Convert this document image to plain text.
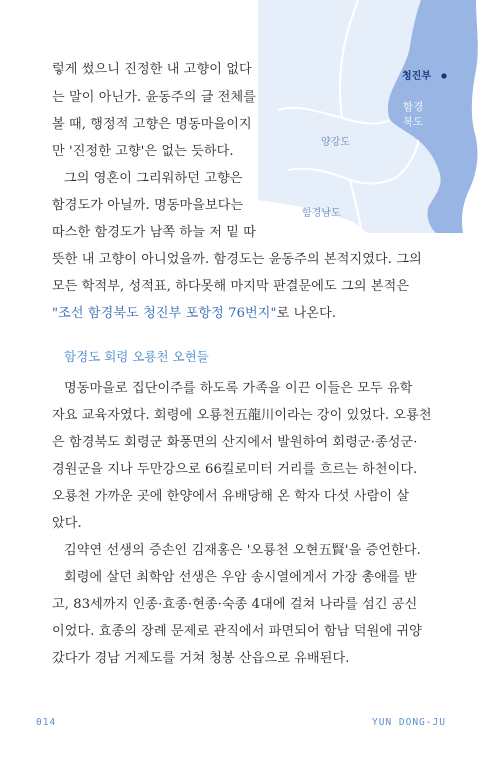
청진부
함경북도
양강도
함경남도
렇게 썼으니 진정한 내 고향이 없다
는 말이 아닌가. 윤동주의 글 전체를
볼 때, 행정적 고향은 명동마을이지
만 '진정한 고향'은 없는 듯하다.
그의 영혼이 그리워하던 고향은
함경도가 아닐까. 명동마을보다는
따스한 함경도가 남쪽 하늘 저 밑 따
뜻한 내 고향이 아니었을까. 함경도는 윤동주의 본적지였다. 그의
모든 학적부, 성적표, 하다못해 마지막 판결문에도 그의 본적은
"조선 함경북도 청진부 포항정 76번지"로 나온다.
함경도 회령 오룡천 오현들
명동마을로 집단이주를 하도록 가족을 이끈 이들은 모두 유학
자요 교육자였다. 회령에 오룡천五龍川이라는 강이 있었다. 오룡천
은 함경북도 회령군 화풍면의 산지에서 발원하여 회령군·종성군·
경원군을 지나 두만강으로 66킬로미터 거리를 흐르는 하천이다.
오룡천 가까운 곳에 한양에서 유배당해 온 학자 다섯 사람이 살
았다.
김약연 선생의 증손인 김재홍은 '오룡천 오현五賢'을 증언한다.
회령에 살던 최학암 선생은 우암 송시열에게서 가장 총애를 받
고, 83세까지 인종·효종·현종·숙종 4대에 걸쳐 나라를 섬긴 공신
이었다. 효종의 장례 문제로 관직에서 파면되어 함남 덕원에 귀양
갔다가 경남 거제도를 거쳐 청봉 산읍으로 유배된다.
014	YUN DONG-JU
